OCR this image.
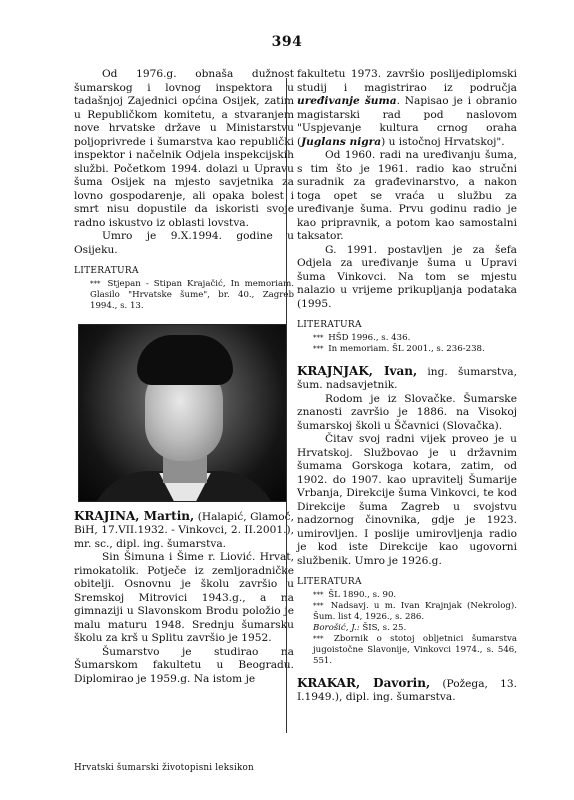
394

Od 1976.g. obnaša dužnost šumarskog i lovnog inspektora u tadašnjoj Zajednici općina Osijek, zatim u Republičkom komitetu, a stvaranjem nove hrvatske države u Ministarstvu poljoprivrede i šumarstva kao republički inspektor i načelnik Odjela inspekcijskih službi. Početkom 1994. dolazi u Upravu šuma Osijek na mjesto savjetnika za lovno gospodarenje, ali opaka bolest i smrt nisu dopustile da iskoristi svoje radno iskustvo iz oblasti lovstva.

Umro je 9.X.1994. godine u Osijeku.

LITERATURA

*** Stjepan - Stipan Krajačić, In memoriam. Glasilo "Hrvatske šume", br. 40., Zagreb 1994., s. 13.

KRAJINA, Martin, (Halapić, Glamoč, BiH, 17.VII.1932. - Vinkovci, 2. II.2001.), mr. sc., dipl. ing. šumarstva.

Sin Šimuna i Šime r. Liović. Hrvat, rimokatolik. Potječe iz zemljoradničke obitelji. Osnovnu je školu završio u Sremskoj Mitrovici 1943.g., a na gimnaziji u Slavonskom Brodu položio je malu maturu 1948. Srednju šumarsku školu za krš u Splitu završio je 1952.

Šumarstvo je studirao na Šumarskom fakultetu u Beogradu. Diplomirao je 1959.g. Na istom je

fakultetu 1973. završio poslijediplomski studij i magistrirao iz područja uređivanje šuma. Napisao je i obranio magistarski rad pod naslovom "Uspjevanje kultura crnog oraha (Juglans nigra) u istočnoj Hrvatskoj".

Od 1960. radi na uređivanju šuma, s tim što je 1961. radio kao stručni suradnik za građevinarstvo, a nakon toga opet se vraća u službu za uređivanje šuma. Prvu godinu radio je kao pripravnik, a potom kao samostalni taksator.

G. 1991. postavljen je za šefa Odjela za uređivanje šuma u Upravi šuma Vinkovci. Na tom se mjestu nalazio u vrijeme prikupljanja podataka (1995.

LITERATURA

*** HŠD 1996., s. 436.

*** In memoriam. ŠL 2001., s. 236-238.

KRAJNJAK, Ivan, ing. šumarstva, šum. nadsavjetnik.

Rodom je iz Slovačke. Šumarske znanosti završio je 1886. na Visokoj šumarskoj školi u Ščavnici (Slovačka).

Čitav svoj radni vijek proveo je u Hrvatskoj. Službovao je u državnim šumama Gorskoga kotara, zatim, od 1902. do 1907. kao upravitelj Šumarije Vrbanja, Direkcije šuma Vinkovci, te kod Direkcije šuma Zagreb u svojstvu nadzornog činovnika, gdje je 1923. umirovljen. I poslije umirovljenja radio je kod iste Direkcije kao ugovorni službenik. Umro je 1926.g.

LITERATURA

*** ŠL 1890., s. 90.

*** Nadsavj. u m. Ivan Krajnjak (Nekrolog). Šum. list 4, 1926., s. 286.

Borošić, J.: ŠIS, s. 25.

*** Zbornik o stotoj obljetnici šumarstva jugoistočne Slavonije, Vinkovci 1974., s. 546, 551.

KRAKAR, Davorin, (Požega, 13. I.1949.), dipl. ing. šumarstva.

Hrvatski šumarski životopisni leksikon
